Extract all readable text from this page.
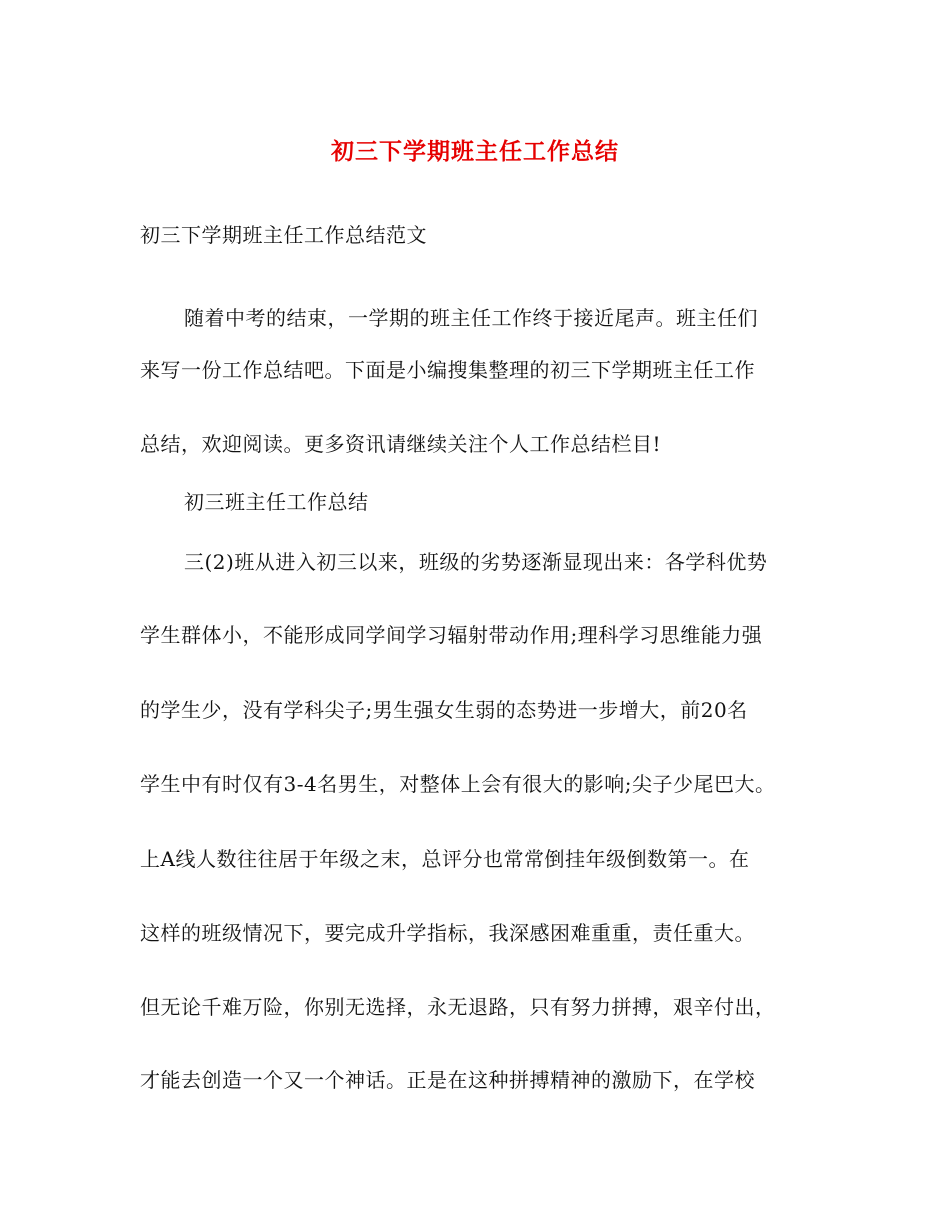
初三下学期班主任工作总结
初三下学期班主任工作总结范文
随着中考的结束，一学期的班主任工作终于接近尾声。班主任们
来写一份工作总结吧。下面是小编搜集整理的初三下学期班主任工作
总结，欢迎阅读。更多资讯请继续关注个人工作总结栏目!
初三班主任工作总结
三(2)班从进入初三以来，班级的劣势逐渐显现出来：各学科优势
学生群体小，不能形成同学间学习辐射带动作用;理科学习思维能力强
的学生少，没有学科尖子;男生强女生弱的态势进一步增大，前20名
学生中有时仅有3-4名男生，对整体上会有很大的影响;尖子少尾巴大。
上A线人数往往居于年级之末，总评分也常常倒挂年级倒数第一。在
这样的班级情况下，要完成升学指标，我深感困难重重，责任重大。
但无论千难万险，你别无选择，永无退路，只有努力拼搏，艰辛付出，
才能去创造一个又一个神话。正是在这种拼搏精神的激励下，在学校
